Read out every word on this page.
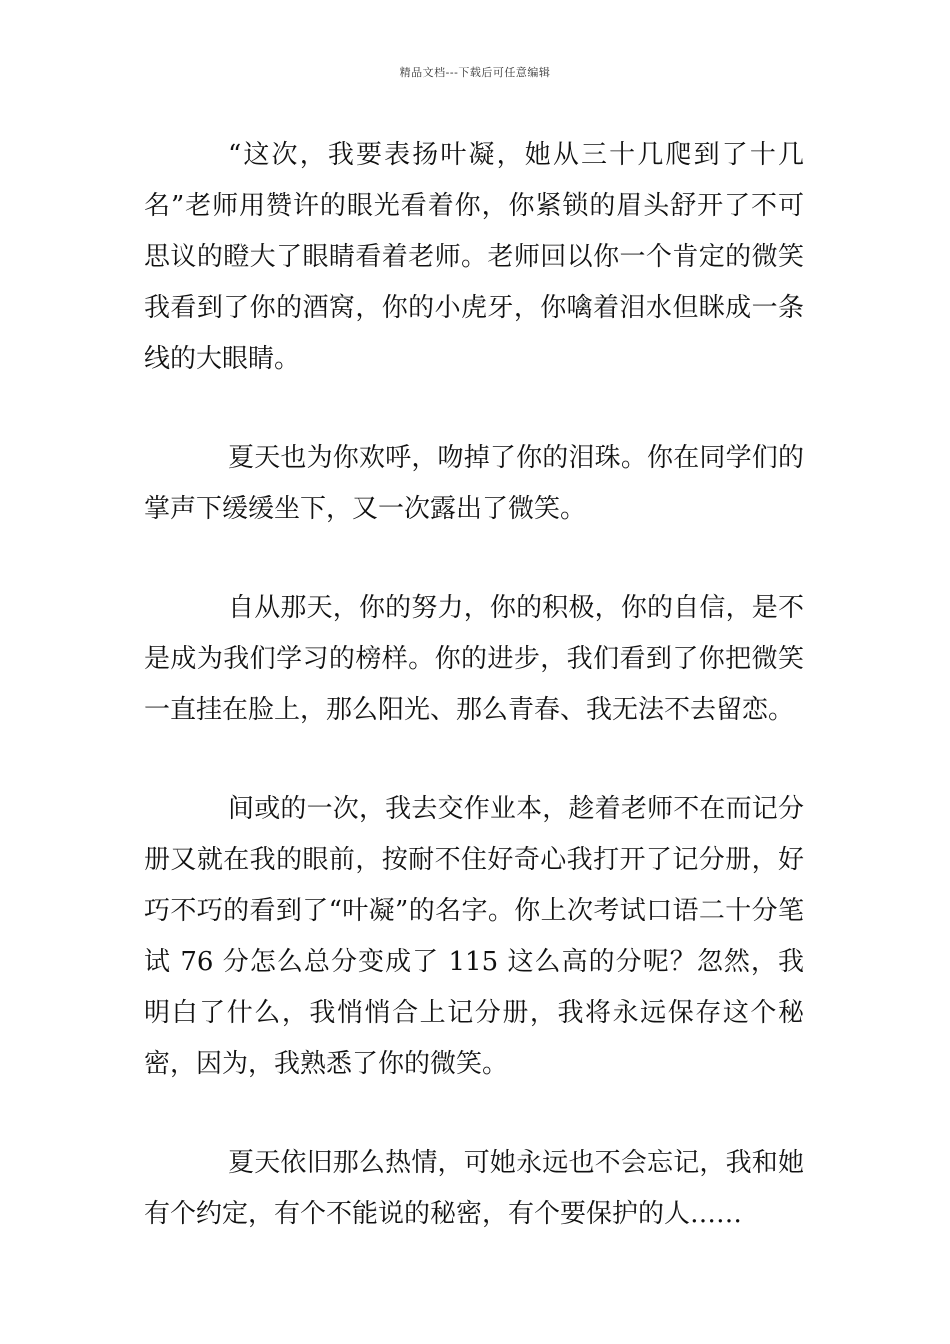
精品文档---下载后可任意编辑

“这次，我要表扬叶凝，她从三十几爬到了十几名”老师用赞许的眼光看着你，你紧锁的眉头舒开了不可思议的瞪大了眼睛看着老师。老师回以你一个肯定的微笑我看到了你的酒窝，你的小虎牙，你噙着泪水但眯成一条线的大眼睛。

夏天也为你欢呼，吻掉了你的泪珠。你在同学们的掌声下缓缓坐下，又一次露出了微笑。

自从那天，你的努力，你的积极，你的自信，是不是成为我们学习的榜样。你的进步，我们看到了你把微笑一直挂在脸上，那么阳光、那么青春、我无法不去留恋。

间或的一次，我去交作业本，趁着老师不在而记分册又就在我的眼前，按耐不住好奇心我打开了记分册，好巧不巧的看到了“叶凝”的名字。你上次考试口语二十分笔试 76 分怎么总分变成了 115 这么高的分呢？忽然，我明白了什么，我悄悄合上记分册，我将永远保存这个秘密，因为，我熟悉了你的微笑。

夏天依旧那么热情，可她永远也不会忘记，我和她有个约定，有个不能说的秘密，有个要保护的人……
